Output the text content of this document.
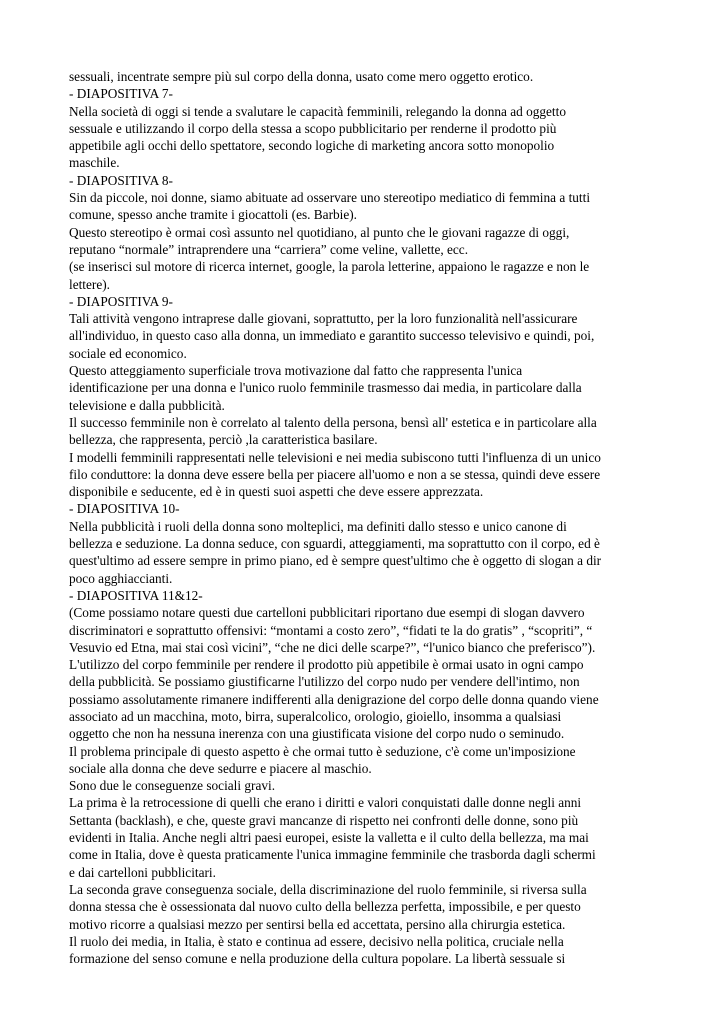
sessuali, incentrate sempre più sul corpo della donna, usato come mero oggetto erotico.
- DIAPOSITIVA 7-
Nella società di oggi si tende a svalutare le capacità femminili, relegando la donna ad oggetto
sessuale e utilizzando il corpo della stessa a scopo pubblicitario per renderne il prodotto più
appetibile agli occhi dello spettatore, secondo logiche di marketing ancora sotto monopolio
maschile.
- DIAPOSITIVA 8-
Sin da piccole, noi donne, siamo abituate ad osservare uno stereotipo mediatico di femmina a tutti
comune, spesso anche tramite i giocattoli (es. Barbie).
Questo stereotipo è ormai così assunto nel quotidiano, al punto che le giovani ragazze di oggi,
reputano “normale” intraprendere una “carriera” come veline, vallette, ecc.
(se inserisci sul motore di ricerca internet, google, la parola letterine, appaiono le ragazze e non le
lettere).
- DIAPOSITIVA 9-
Tali attività vengono intraprese dalle giovani, soprattutto, per la loro funzionalità nell'assicurare
all'individuo, in questo caso alla donna, un immediato e garantito successo televisivo e quindi, poi,
sociale ed economico.
Questo atteggiamento superficiale trova motivazione dal fatto che rappresenta l'unica
identificazione per una donna e l'unico ruolo femminile trasmesso dai media, in particolare dalla
televisione e dalla pubblicità.
Il successo femminile non è correlato al talento della persona, bensì all' estetica e in particolare alla
bellezza, che rappresenta, perciò ,la caratteristica basilare.
I modelli femminili rappresentati nelle televisioni e nei media subiscono tutti l'influenza di un unico
filo conduttore: la donna deve essere bella per piacere all'uomo e non a se stessa, quindi deve essere
disponibile e seducente, ed è in questi suoi aspetti che deve essere apprezzata.
- DIAPOSITIVA 10-
Nella pubblicità i ruoli della donna sono molteplici, ma definiti dallo stesso e unico canone di
bellezza e seduzione. La donna seduce, con sguardi, atteggiamenti, ma soprattutto con il corpo, ed è
quest'ultimo ad essere sempre in primo piano, ed è sempre quest'ultimo che è oggetto di slogan a dir
poco agghiaccianti.
- DIAPOSITIVA 11&12-
(Come possiamo notare questi due cartelloni pubblicitari riportano due esempi di slogan davvero
discriminatori e soprattutto offensivi: “montami a costo zero”, “fidati te la do gratis” , “scopriti”, “
Vesuvio ed Etna, mai stai così vicini”, “che ne dici delle scarpe?”, “l'unico bianco che preferisco”).
L'utilizzo del corpo femminile per rendere il prodotto più appetibile è ormai usato in ogni campo
della pubblicità. Se possiamo giustificarne l'utilizzo del corpo nudo per vendere dell'intimo, non
possiamo assolutamente rimanere indifferenti alla denigrazione del corpo delle donna quando viene
associato ad un macchina, moto, birra, superalcolico, orologio, gioiello, insomma a qualsiasi
oggetto che non ha nessuna inerenza con una giustificata visione del corpo nudo o seminudo.
Il problema principale di questo aspetto è che ormai tutto è seduzione, c'è come un'imposizione
sociale alla donna che deve sedurre e piacere al maschio.
Sono due le conseguenze sociali gravi.
La prima è la retrocessione di quelli che erano i diritti e valori conquistati dalle donne negli anni
Settanta (backlash), e che, queste gravi mancanze di rispetto nei confronti delle donne, sono più
evidenti in Italia. Anche negli altri paesi europei, esiste la valletta e il culto della bellezza, ma mai
come in Italia, dove è questa praticamente l'unica immagine femminile che trasborda dagli schermi
e dai cartelloni pubblicitari.
La seconda grave conseguenza sociale, della discriminazione del ruolo femminile, si riversa sulla
donna stessa che è ossessionata dal nuovo culto della bellezza perfetta, impossibile, e per questo
motivo ricorre a qualsiasi mezzo per sentirsi bella ed accettata, persino alla chirurgia estetica.
Il ruolo dei media, in Italia, è stato e continua ad essere, decisivo nella politica, cruciale nella
formazione del senso comune e nella produzione della cultura popolare. La libertà sessuale si
